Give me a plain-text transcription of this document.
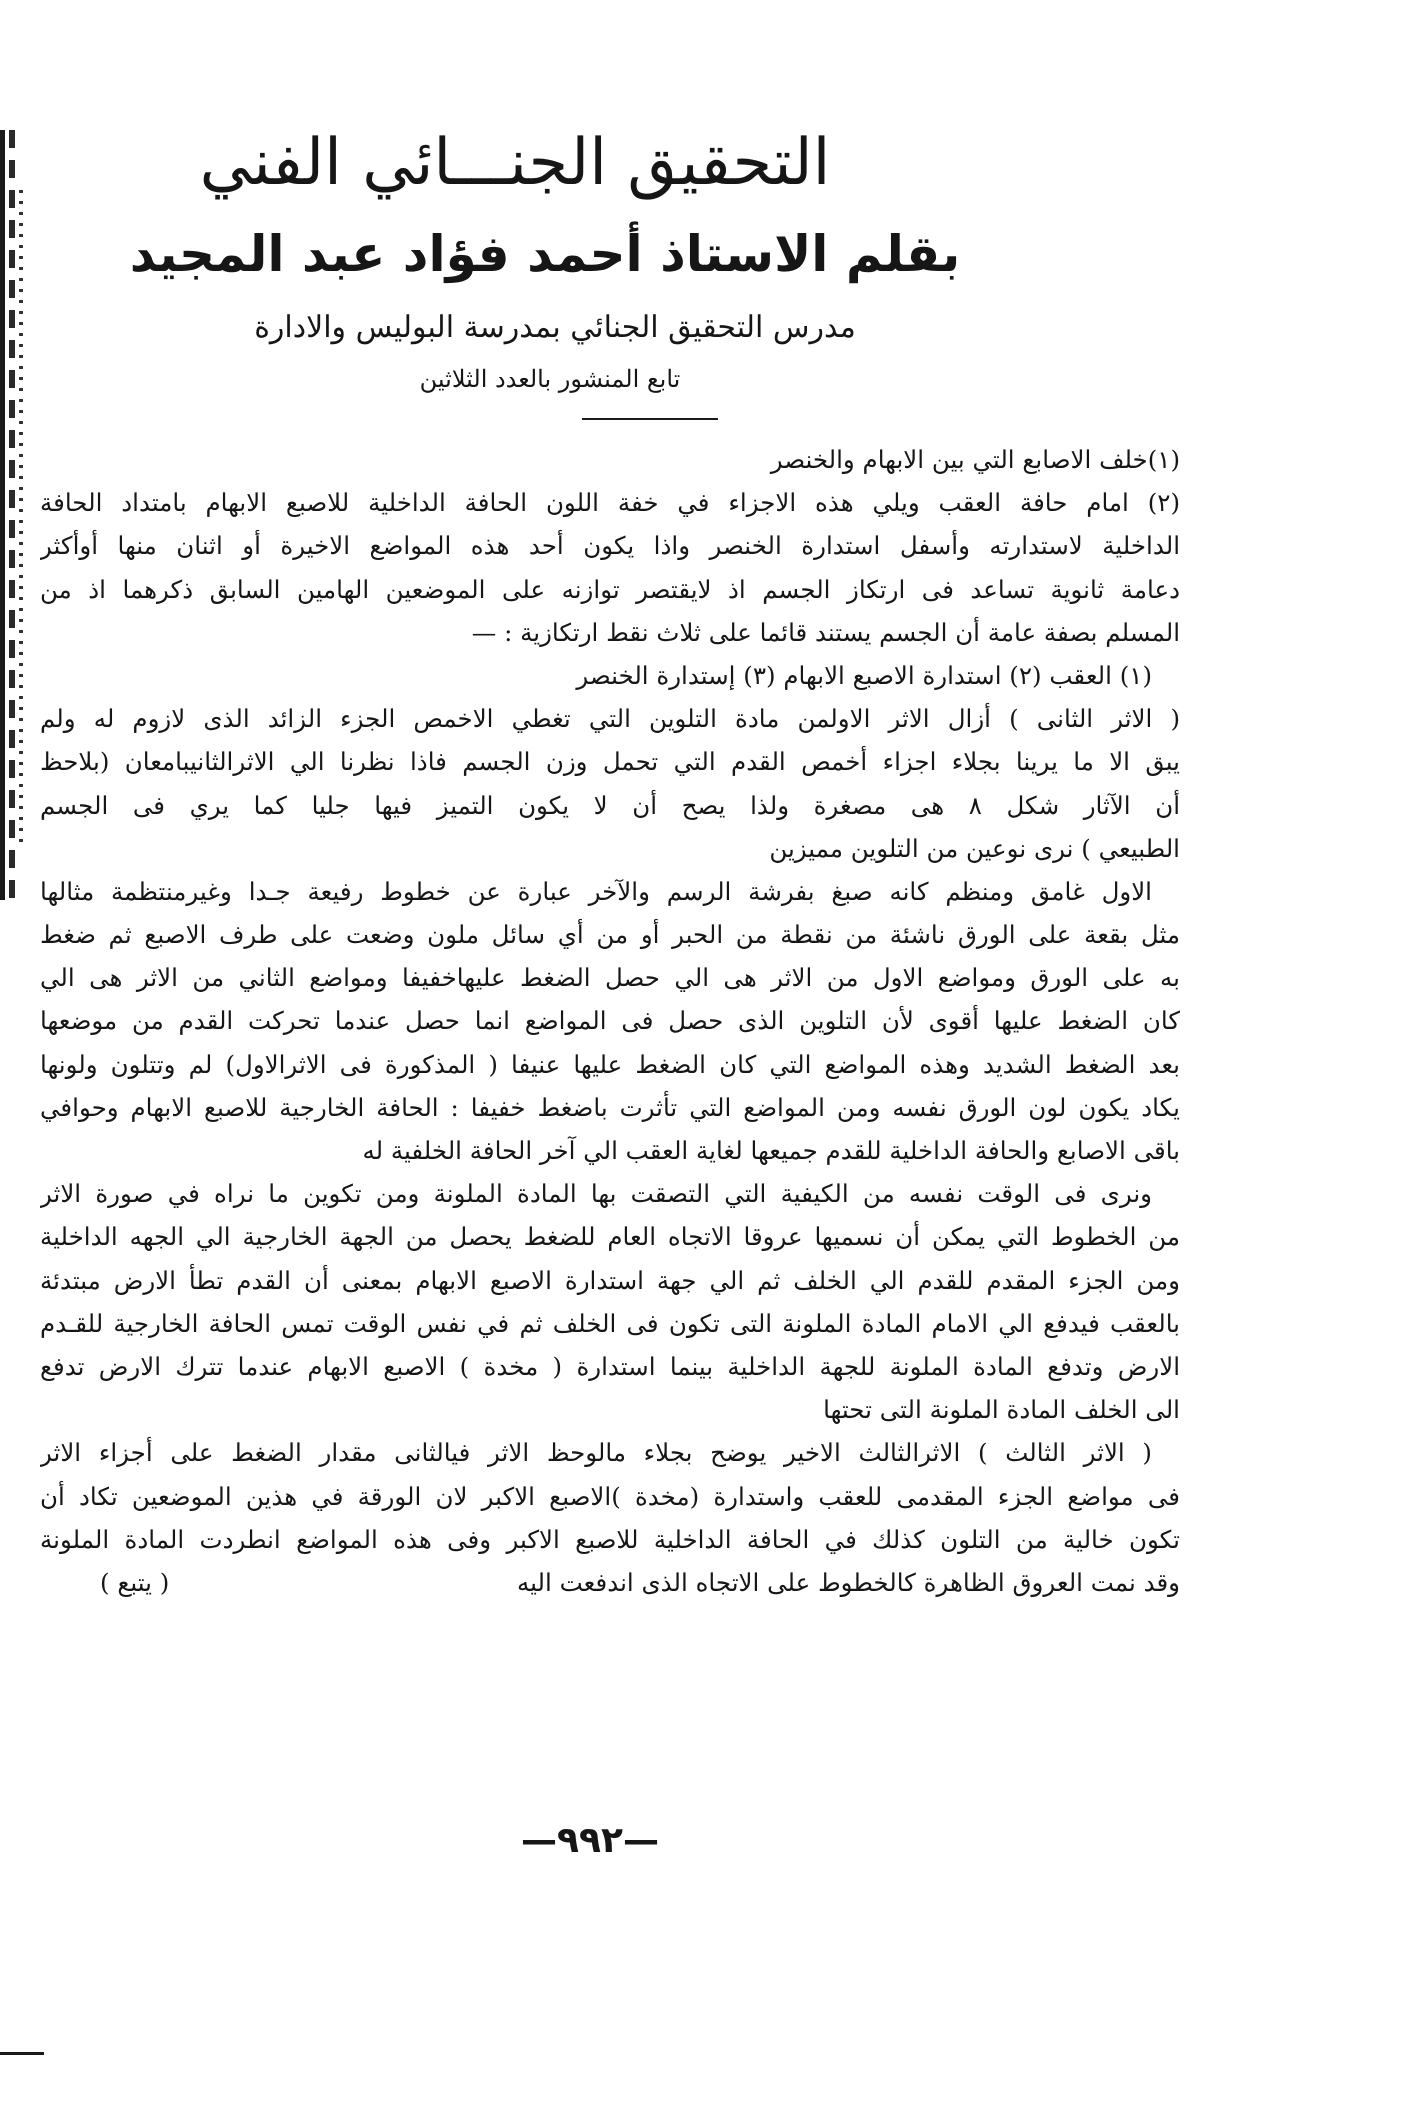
التحقيق الجنـــائي الفني
بقلم الاستاذ أحمد فؤاد عبد المجيد
مدرس التحقيق الجنائي بمدرسة البوليس والادارة
تابع المنشور بالعدد الثلاثين
(١)خلف الاصابع التي بين الابهام والخنصر
(٢) امام حافة العقب ويلي هذه الاجزاء في خفة اللون الحافة الداخلية للاصبع الابهام بامتداد الحافة
الداخلية لاستدارته وأسفل استدارة الخنصر واذا يكون أحد هذه المواضع الاخيرة أو اثنان منها أوأكثر
دعامة ثانوية تساعد فى ارتكاز الجسم اذ لايقتصر توازنه على الموضعين الهامين السابق ذكرهما اذ من
المسلم بصفة عامة أن الجسم يستند قائما على ثلاث نقط ارتكازية : —
(١) العقب (٢) استدارة الاصبع الابهام (٣) إستدارة الخنصر
( الاثر الثانى ) أزال الاثر الاولمن مادة التلوين التي تغطي الاخمص الجزء الزائد الذى لازوم له ولم
يبق الا ما يرينا بجلاء اجزاء أخمص القدم التي تحمل وزن الجسم فاذا نظرنا الي الاثرالثانيبامعان (بلاحظ
أن الآثار شكل ٨ هى مصغرة ولذا يصح أن لا يكون التميز فيها جليا كما يري فى الجسم
الطبيعي ) نرى نوعين من التلوين مميزين
الاول غامق ومنظم كانه صبغ بفرشة الرسم والآخر عبارة عن خطوط رفيعة جـدا وغيرمنتظمة مثالها
مثل بقعة على الورق ناشئة من نقطة من الحبر أو من أي سائل ملون وضعت على طرف الاصبع ثم ضغط
به على الورق ومواضع الاول من الاثر هى الي حصل الضغط عليهاخفيفا ومواضع الثاني من الاثر هى الي
كان الضغط عليها أقوى لأن التلوين الذى حصل فى المواضع انما حصل عندما تحركت القدم من موضعها
بعد الضغط الشديد وهذه المواضع التي كان الضغط عليها عنيفا ( المذكورة فى الاثرالاول) لم وتتلون ولونها
يكاد يكون لون الورق نفسه ومن المواضع التي تأثرت باضغط خفيفا : الحافة الخارجية للاصبع الابهام وحوافي
باقى الاصابع والحافة الداخلية للقدم جميعها لغاية العقب الي آخر الحافة الخلفية له
ونرى فى الوقت نفسه من الكيفية التي التصقت بها المادة الملونة ومن تكوين ما نراه في صورة الاثر
من الخطوط التي يمكن أن نسميها عروقا الاتجاه العام للضغط يحصل من الجهة الخارجية الي الجهه الداخلية
ومن الجزء المقدم للقدم الي الخلف ثم الي جهة استدارة الاصبع الابهام بمعنى أن القدم تطأ الارض مبتدئة
بالعقب فيدفع الي الامام المادة الملونة التى تكون فى الخلف ثم في نفس الوقت تمس الحافة الخارجية للقـدم
الارض وتدفع المادة الملونة للجهة الداخلية بينما استدارة ( مخدة ) الاصبع الابهام عندما تترك الارض تدفع
الى الخلف المادة الملونة التى تحتها
( الاثر الثالث ) الاثرالثالث الاخير يوضح بجلاء مالوحظ الاثر فيالثانى مقدار الضغط على أجزاء الاثر
فى مواضع الجزء المقدمى للعقب واستدارة (مخدة )الاصبع الاكبر لان الورقة في هذين الموضعين تكاد أن
تكون خالية من التلون كذلك في الحافة الداخلية للاصبع الاكبر وفى هذه المواضع انطردت المادة الملونة
وقد نمت العروق الظاهرة كالخطوط على الاتجاه الذى اندفعت اليه
( يتبع )
—٩٩٢—
